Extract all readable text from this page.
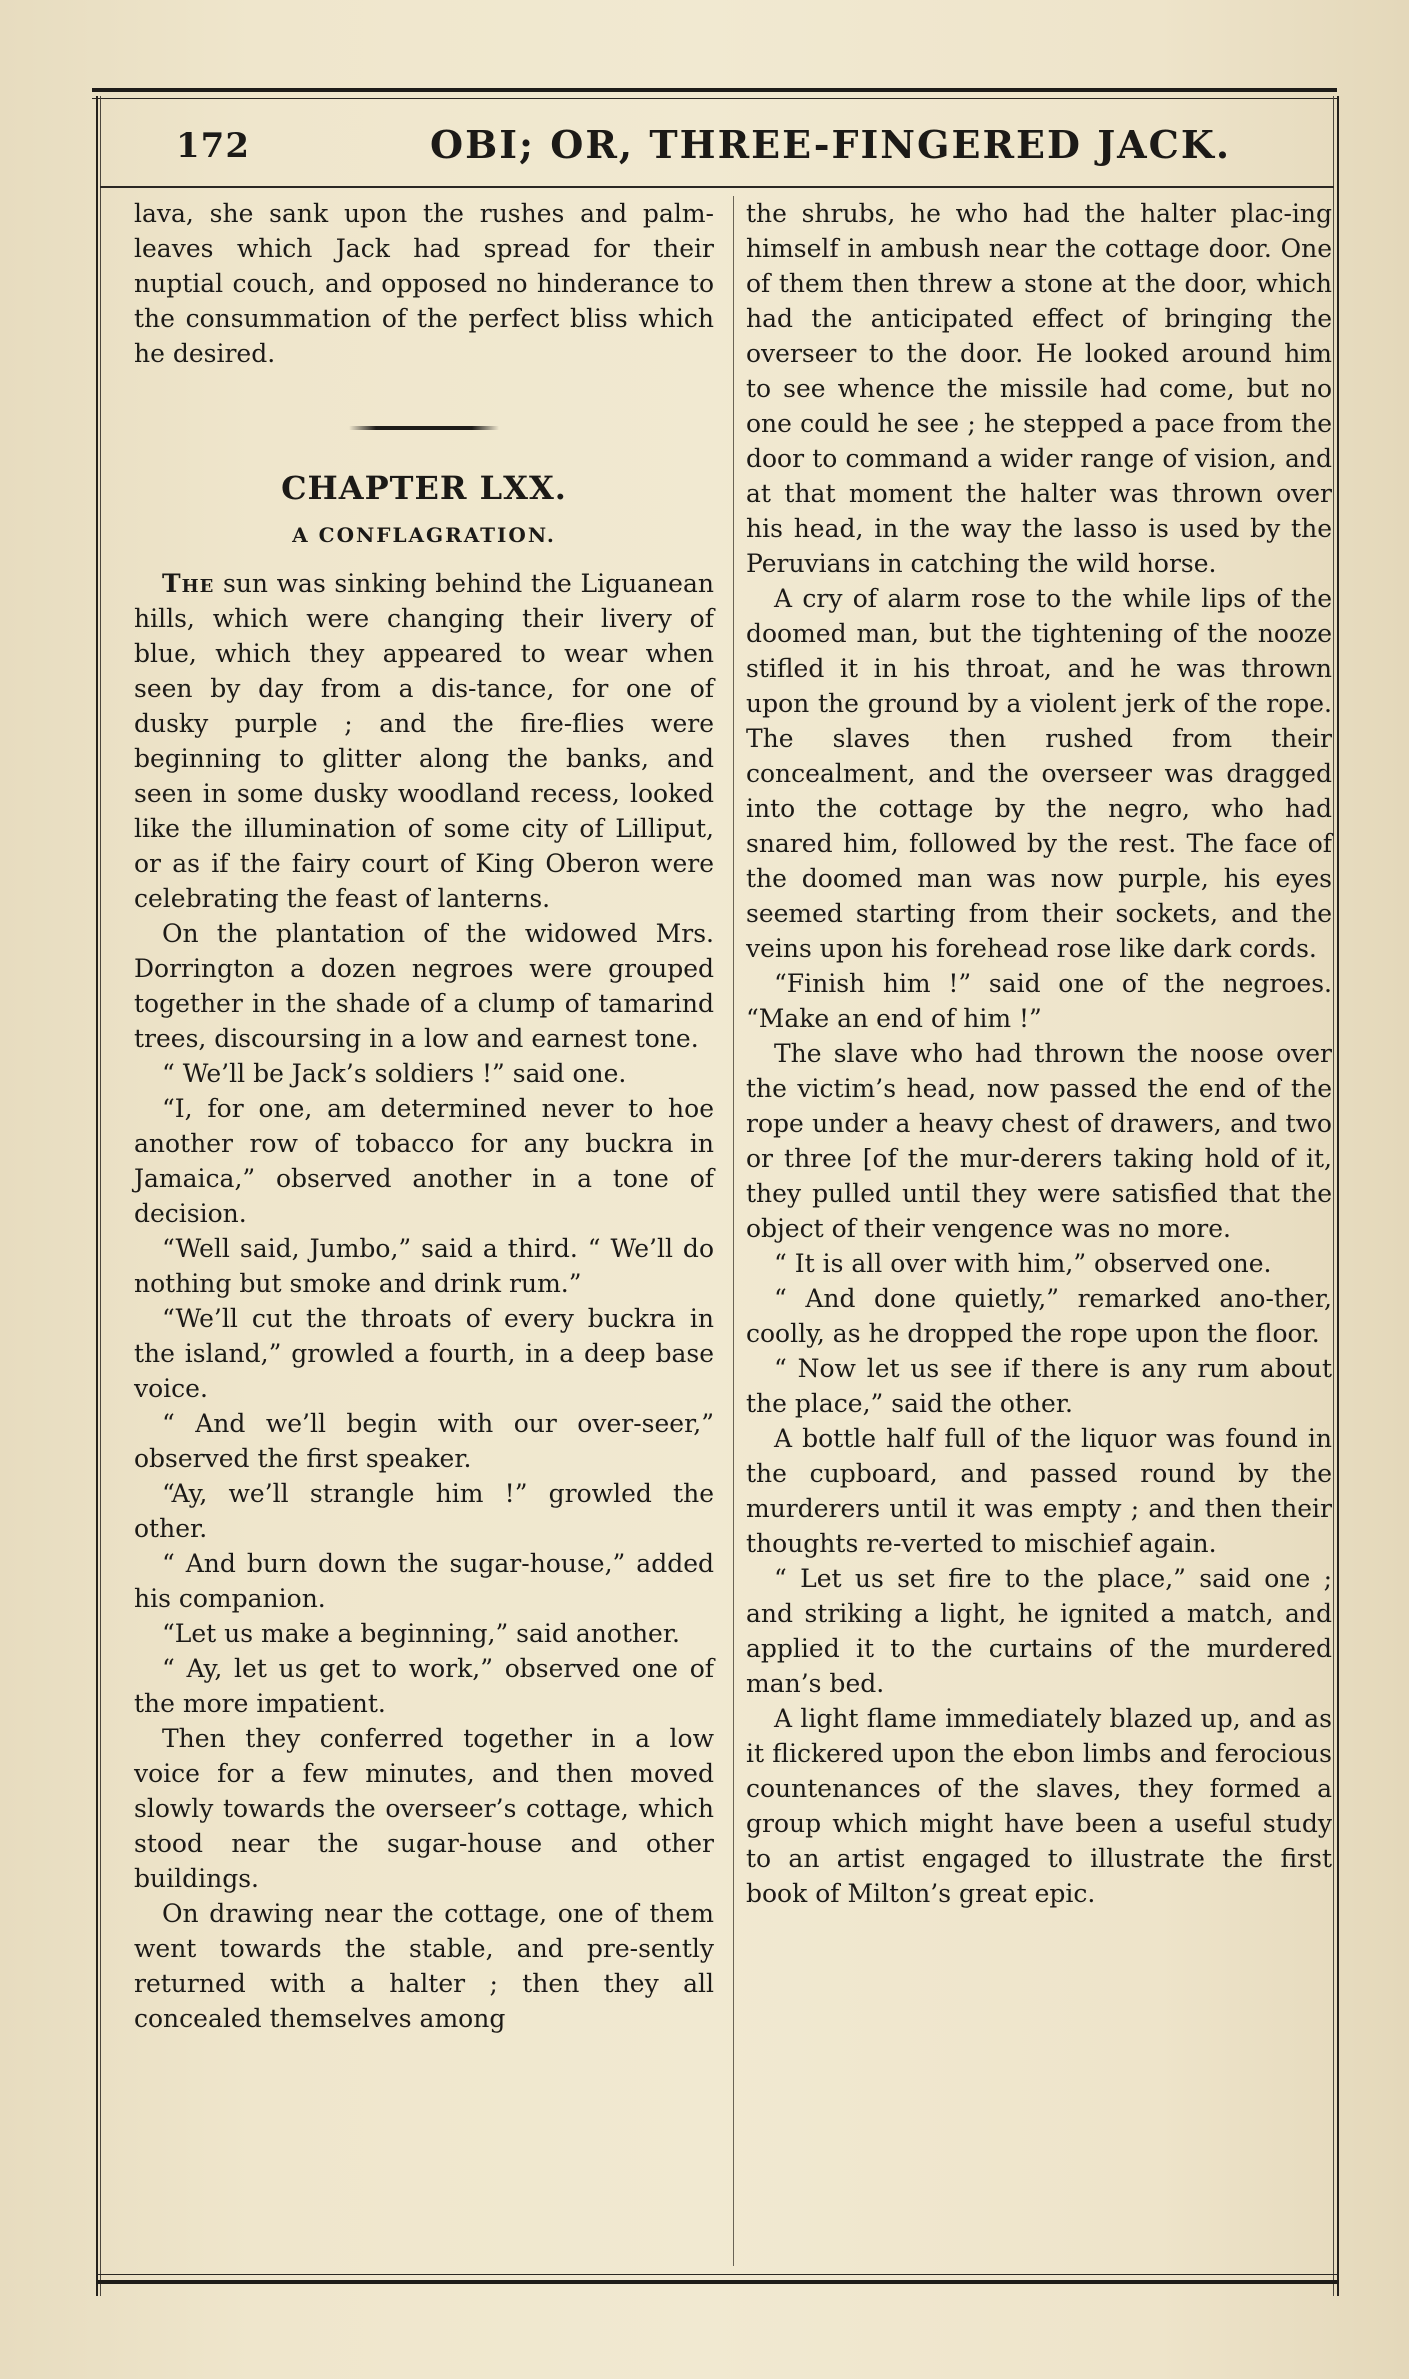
172	OBI; OR, THREE-FINGERED JACK.

lava, she sank upon the rushes and palm-leaves which Jack had spread for their nuptial couch, and opposed no hinderance to the consummation of the perfect bliss which he desired.

CHAPTER LXX.
A CONFLAGRATION.

The sun was sinking behind the Liguanean hills, which were changing their livery of blue, which they appeared to wear when seen by day from a dis-tance, for one of dusky purple ; and the fire-flies were beginning to glitter along the banks, and seen in some dusky woodland recess, looked like the illumination of some city of Lilliput, or as if the fairy court of King Oberon were celebrating the feast of lanterns.

On the plantation of the widowed Mrs. Dorrington a dozen negroes were grouped together in the shade of a clump of tamarind trees, discoursing in a low and earnest tone.

“ We’ll be Jack’s soldiers !” said one.

“I, for one, am determined never to hoe another row of tobacco for any buckra in Jamaica,” observed another in a tone of decision.

“Well said, Jumbo,” said a third. “ We’ll do nothing but smoke and drink rum.”

“We’ll cut the throats of every buckra in the island,” growled a fourth, in a deep base voice.

“ And we’ll begin with our over-seer,” observed the first speaker.

“Ay, we’ll strangle him !” growled the other.

“ And burn down the sugar-house,” added his companion.

“Let us make a beginning,” said another.

“ Ay, let us get to work,” observed one of the more impatient.

Then they conferred together in a low voice for a few minutes, and then moved slowly towards the overseer’s cottage, which stood near the sugar-house and other buildings.

On drawing near the cottage, one of them went towards the stable, and pre-sently returned with a halter ; then they all concealed themselves among

the shrubs, he who had the halter plac-ing himself in ambush near the cottage door. One of them then threw a stone at the door, which had the anticipated effect of bringing the overseer to the door. He looked around him to see whence the missile had come, but no one could he see ; he stepped a pace from the door to command a wider range of vision, and at that moment the halter was thrown over his head, in the way the lasso is used by the Peruvians in catching the wild horse.

A cry of alarm rose to the while lips of the doomed man, but the tightening of the nooze stifled it in his throat, and he was thrown upon the ground by a violent jerk of the rope. The slaves then rushed from their concealment, and the overseer was dragged into the cottage by the negro, who had snared him, followed by the rest. The face of the doomed man was now purple, his eyes seemed starting from their sockets, and the veins upon his forehead rose like dark cords.

“Finish him !” said one of the negroes. “Make an end of him !”

The slave who had thrown the noose over the victim’s head, now passed the end of the rope under a heavy chest of drawers, and two or three [of the mur-derers taking hold of it, they pulled until they were satisfied that the object of their vengence was no more.

“ It is all over with him,” observed one.

“ And done quietly,” remarked ano-ther, coolly, as he dropped the rope upon the floor.

“ Now let us see if there is any rum about the place,” said the other.

A bottle half full of the liquor was found in the cupboard, and passed round by the murderers until it was empty ; and then their thoughts re-verted to mischief again.

“ Let us set fire to the place,” said one ; and striking a light, he ignited a match, and applied it to the curtains of the murdered man’s bed.

A light flame immediately blazed up, and as it flickered upon the ebon limbs and ferocious countenances of the slaves, they formed a group which might have been a useful study to an artist engaged to illustrate the first book of Milton’s great epic.
